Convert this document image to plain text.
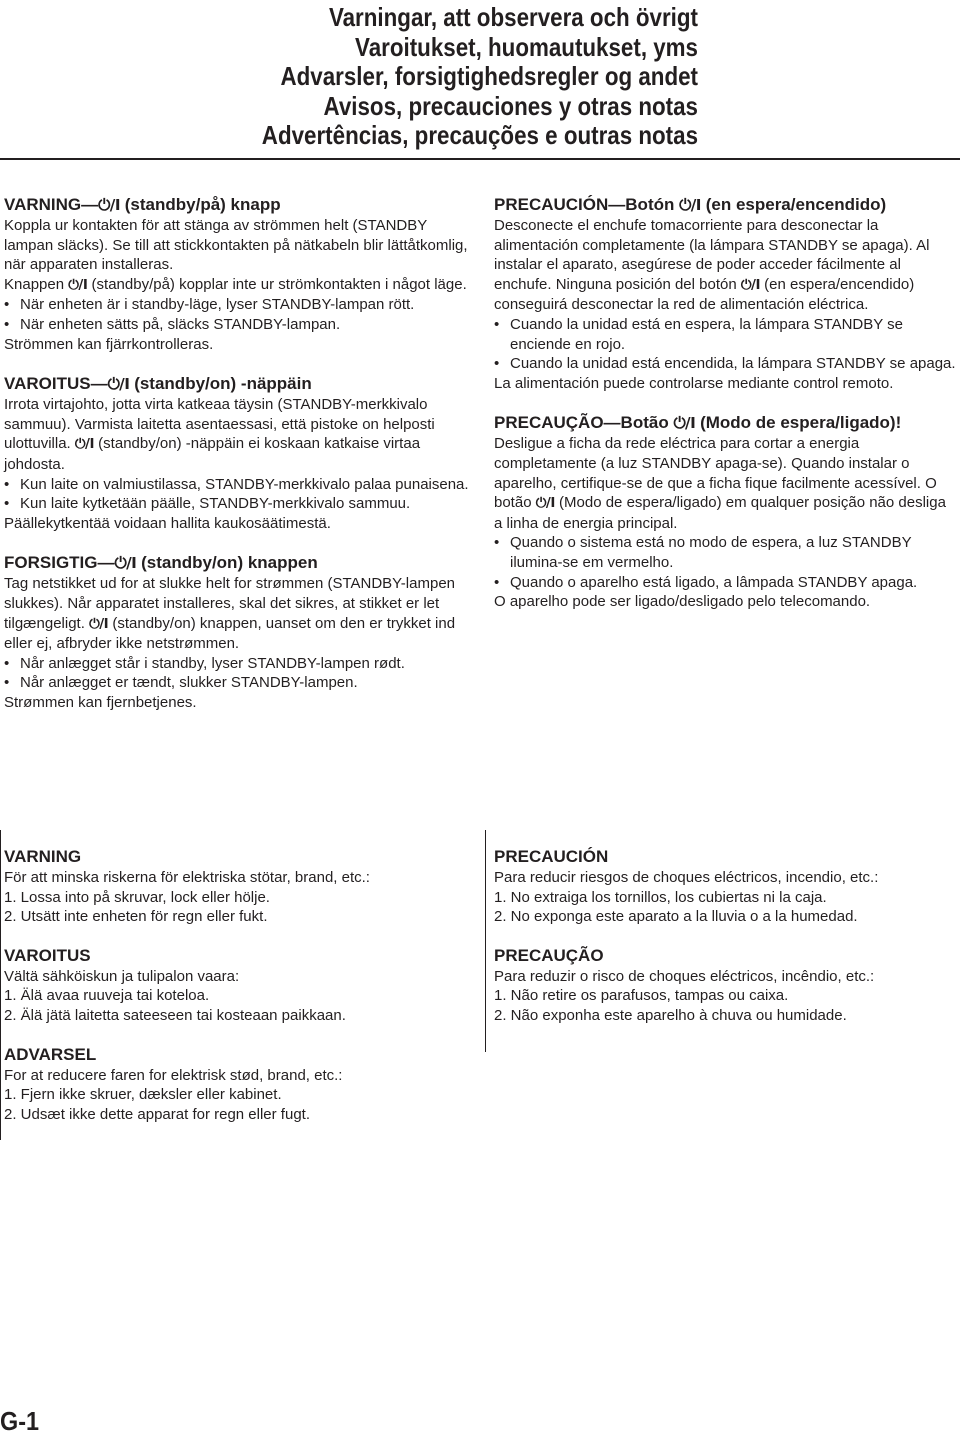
Varningar, att observera och övrigt
Varoitukset, huomautukset, yms
Advarsler, forsigtighedsregler og andet
Avisos, precauciones y otras notas
Advertências, precauções e outras notas
VARNING—⏻/I (standby/på) knapp

Koppla ur kontakten för att stänga av strömmen helt (STANDBY lampan släcks). Se till att stickkontakten på nätkabeln blir lättåtkomlig, när apparaten installeras.

Knappen ⏻/I (standby/på) kopplar inte ur strömkontakten i något läge.

• När enheten är i standby-läge, lyser STANDBY-lampan rött.
• När enheten sätts på, släcks STANDBY-lampan.

Strömmen kan fjärrkontrolleras.

VAROITUS—⏻/I (standby/on) -näppäin

Irrota virtajohto, jotta virta katkeaa täysin (STANDBY-merkkivalo sammuu). Varmista laitetta asentaessasi, että pistoke on helposti ulottuvilla. ⏻/I (standby/on) -näppäin ei koskaan katkaise virtaa johdosta.

• Kun laite on valmiustilassa, STANDBY-merkkivalo palaa punaisena.
• Kun laite kytketään päälle, STANDBY-merkkivalo sammuu.

Päällekytkentää voidaan hallita kaukosäätimestä.

FORSIGTIG—⏻/I (standby/on) knappen

Tag netstikket ud for at slukke helt for strømmen (STANDBY-lampen slukkes). Når apparatet installeres, skal det sikres, at stikket er let tilgængeligt. ⏻/I (standby/on) knappen, uanset om den er trykket ind eller ej, afbryder ikke netstrømmen.

• Når anlægget står i standby, lyser STANDBY-lampen rødt.
• Når anlægget er tændt, slukker STANDBY-lampen.

Strømmen kan fjernbetjenes.

PRECAUCIÓN—Botón ⏻/I (en espera/encendido)

Desconecte el enchufe tomacorriente para desconectar la alimentación completamente (la lámpara STANDBY se apaga). Al instalar el aparato, asegúrese de poder acceder fácilmente al enchufe. Ninguna posición del botón ⏻/I (en espera/encendido) conseguirá desconectar la red de alimentación eléctrica.

• Cuando la unidad está en espera, la lámpara STANDBY se enciende en rojo.
• Cuando la unidad está encendida, la lámpara STANDBY se apaga.

La alimentación puede controlarse mediante control remoto.

PRECAUÇÃO—Botão ⏻/I (Modo de espera/ligado)!

Desligue a ficha da rede eléctrica para cortar a energia completamente (a luz STANDBY apaga-se). Quando instalar o aparelho, certifique-se de que a ficha fique facilmente acessível. O botão ⏻/I (Modo de espera/ligado) em qualquer posição não desliga a linha de energia principal.

• Quando o sistema está no modo de espera, a luz STANDBY ilumina-se em vermelho.
• Quando o aparelho está ligado, a lâmpada STANDBY apaga.

O aparelho pode ser ligado/desligado pelo telecomando.

VARNING
För att minska riskerna för elektriska stötar, brand, etc.:
1. Lossa into på skruvar, lock eller hölje.
2. Utsätt inte enheten för regn eller fukt.
VAROITUS
Vältä sähköiskun ja tulipalon vaara:
1. Älä avaa ruuveja tai koteloa.
2. Älä jätä laitetta sateeseen tai kosteaan paikkaan.
ADVARSEL
For at reducere faren for elektrisk stød, brand, etc.:
1. Fjern ikke skruer, dæksler eller kabinet.
2. Udsæt ikke dette apparat for regn eller fugt.
PRECAUCIÓN
Para reducir riesgos de choques eléctricos, incendio, etc.:
1. No extraiga los tornillos, los cubiertas ni la caja.
2. No exponga este aparato a la lluvia o a la humedad.
PRECAUÇÃO
Para reduzir o risco de choques eléctricos, incêndio, etc.:
1. Não retire os parafusos, tampas ou caixa.
2. Não exponha este aparelho à chuva ou humidade.
G-1
